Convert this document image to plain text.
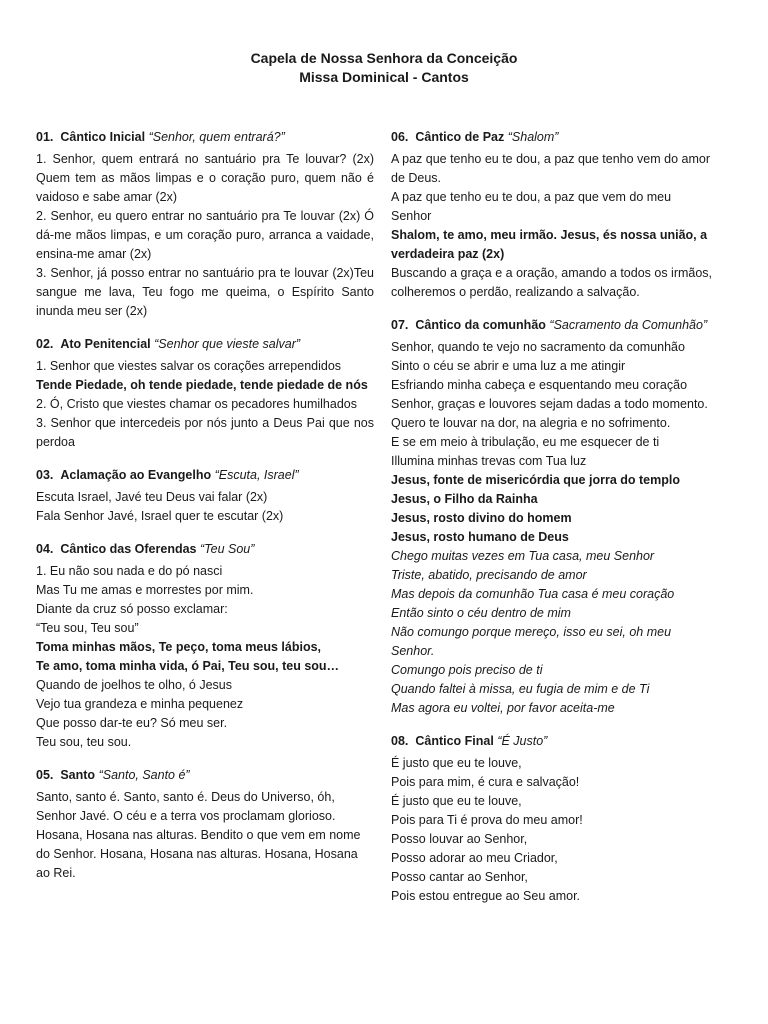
Capela de Nossa Senhora da Conceição
Missa Dominical - Cantos
01. Cântico Inicial “Senhor, quem entrará?”
1. Senhor, quem entrará no santuário pra Te louvar? (2x) Quem tem as mãos limpas e o coração puro, quem não é vaidoso e sabe amar (2x)
2. Senhor, eu quero entrar no santuário pra Te louvar (2x) Ó dá-me mãos limpas, e um coração puro, arranca a vaidade, ensina-me amar (2x)
3. Senhor, já posso entrar no santuário pra te louvar (2x)Teu sangue me lava, Teu fogo me queima, o Espírito Santo inunda meu ser (2x)
02. Ato Penitencial “Senhor que vieste salvar”
1. Senhor que viestes salvar os corações arrependidos
Tende Piedade, oh tende piedade, tende piedade de nós
2. Ó, Cristo que viestes chamar os pecadores humilhados
3. Senhor que intercedeis por nós junto a Deus Pai que nos perdoa
03. Aclamação ao Evangelho “Escuta, Israel”
Escuta Israel, Javé teu Deus vai falar (2x)
Fala Senhor Javé, Israel quer te escutar (2x)
04. Cântico das Oferendas “Teu Sou”
1. Eu não sou nada e do pó nasci
Mas Tu me amas e morrestes por mim.
Diante da cruz só posso exclamar:
“Teu sou, Teu sou”
Toma minhas mãos, Te peço, toma meus lábios,
Te amo, toma minha vida, ó Pai, Teu sou, teu sou…
Quando de joelhos te olho, ó Jesus
Vejo tua grandeza e minha pequenez
Que posso dar-te eu? Só meu ser.
Teu sou, teu sou.
05. Santo “Santo, Santo é”
Santo, santo é. Santo, santo é. Deus do Universo, óh, Senhor Javé. O céu e a terra vos proclamam glorioso. Hosana, Hosana nas alturas. Bendito o que vem em nome do Senhor. Hosana, Hosana nas alturas. Hosana, Hosana ao Rei.
06. Cântico de Paz “Shalom”
A paz que tenho eu te dou, a paz que tenho vem do amor de Deus.
A paz que tenho eu te dou, a paz que vem do meu Senhor
Shalom, te amo, meu irmão. Jesus, és nossa união, a verdadeira paz (2x)
Buscando a graça e a oração, amando a todos os irmãos, colheremos o perdão, realizando a salvação.
07. Cântico da comunhão “Sacramento da Comunhão”
Senhor, quando te vejo no sacramento da comunhão
Sinto o céu se abrir e uma luz a me atingir
Esfriando minha cabeça e esquentando meu coração
Senhor, graças e louvores sejam dadas a todo momento.
Quero te louvar na dor, na alegria e no sofrimento.
E se em meio à tribulação, eu me esquecer de ti
Illumina minhas trevas com Tua luz
Jesus, fonte de misericórdia que jorra do templo
Jesus, o Filho da Rainha
Jesus, rosto divino do homem
Jesus, rosto humano de Deus
Chego muitas vezes em Tua casa, meu Senhor
Triste, abatido, precisando de amor
Mas depois da comunhão Tua casa é meu coração
Então sinto o céu dentro de mim
Não comungo porque mereço, isso eu sei, oh meu Senhor.
Comungo pois preciso de ti
Quando faltei à missa, eu fugia de mim e de Ti
Mas agora eu voltei, por favor aceita-me
08. Cântico Final “É Justo”
É justo que eu te louve,
Pois para mim, é cura e salvação!
É justo que eu te louve,
Pois para Ti é prova do meu amor!
Posso louvar ao Senhor,
Posso adorar ao meu Criador,
Posso cantar ao Senhor,
Pois estou entregue ao Seu amor.
